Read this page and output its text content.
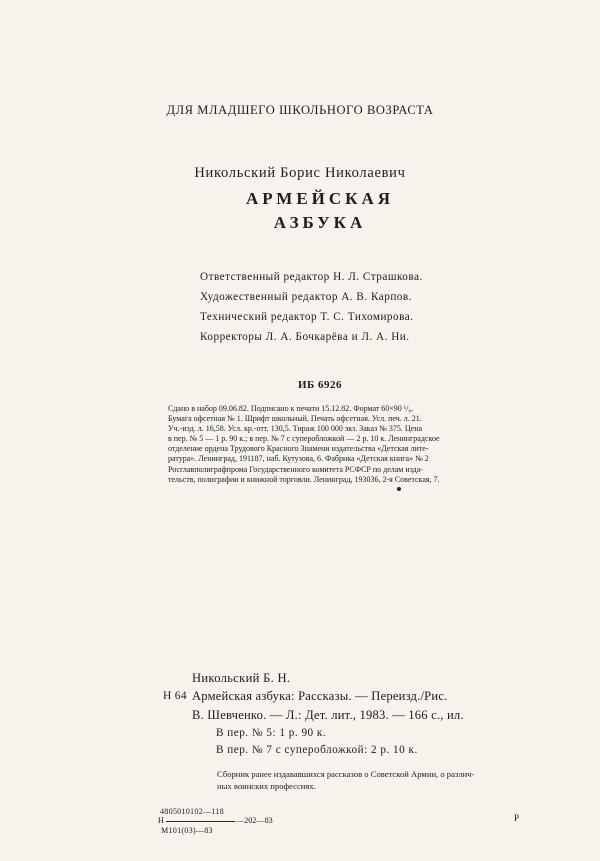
ДЛЯ МЛАДШЕГО ШКОЛЬНОГО ВОЗРАСТА
Никольский Борис Николаевич
АРМЕЙСКАЯ
АЗБУКА
Ответственный редактор Н. Л. Страшкова.
Художественный редактор А. В. Карпов.
Технический редактор Т. С. Тихомирова.
Корректоры Л. А. Бочкарёва и Л. А. Ни.
ИБ 6926
Сдано в набор 09.06.82. Подписано к печати 15.12.82. Формат 60×90 ¹/₈.
Бумага офсетная № 1. Шрифт школьный. Печать офсетная. Усл. печ. л. 21.
Уч.-изд. л. 16,58. Усл. кр.-отт. 130,5. Тираж 100 000 экз. Заказ № 375. Цена
в пер. № 5 — 1 р. 90 к.; в пер. № 7 с суперобложкой — 2 р. 10 к. Ленинградское
отделение ордена Трудового Красного Знамени издательства «Детская лите-
ратура». Ленинград, 191187, наб. Кутузова, 6. Фабрика «Детская книга» № 2
Росглавполиграфпрома Государственного комитета РСФСР по делам изда-
тельств, полиграфии и книжной торговли. Ленинград, 193036, 2-я Советская, 7.
Никольский Б. Н.
Н 64 Армейская азбука: Рассказы. — Переизд./Рис.
В. Шевченко. — Л.: Дет. лит., 1983. — 166 с., ил.
В пер. № 5: 1 р. 90 к.
В пер. № 7 с суперобложкой: 2 р. 10 к.
Сборник ранее издававшихся рассказов о Советской Армии, о различ-
ных воинских профессиях.
4805010102—118
Н	—202—83
М101(03)—83
Р
